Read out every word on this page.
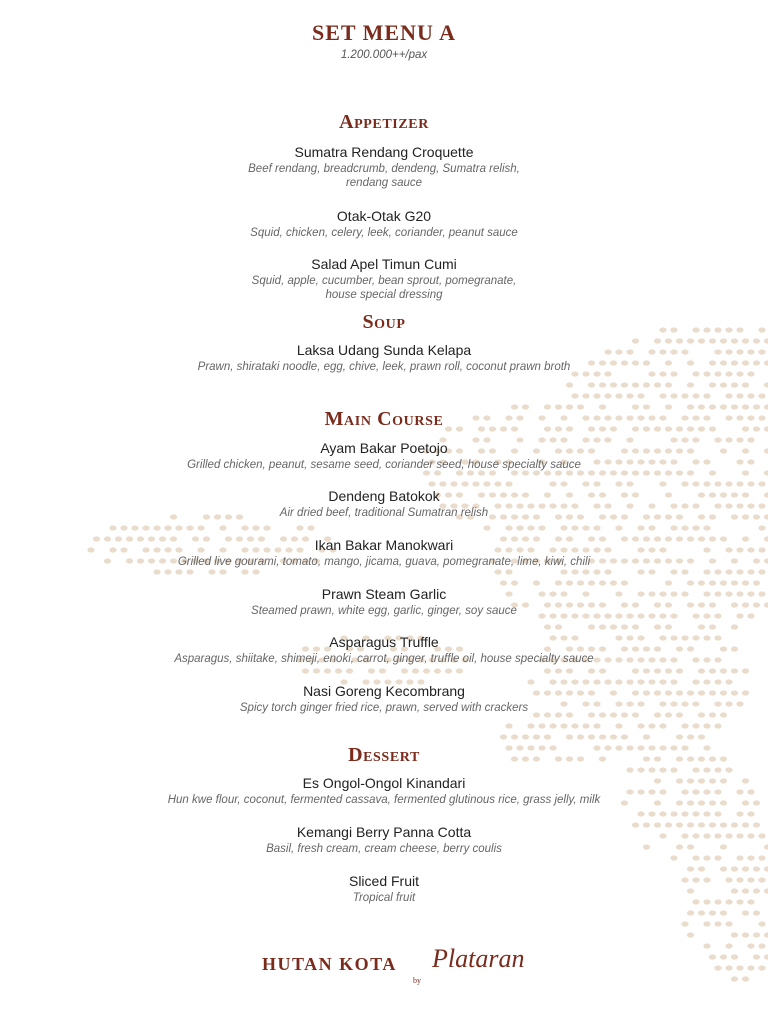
SET MENU A
1.200.000++/pax
Appetizer
Sumatra Rendang Croquette
Beef rendang, breadcrumb, dendeng, Sumatra relish,
rendang sauce
Otak-Otak G20
Squid, chicken, celery, leek, coriander, peanut sauce
Salad Apel Timun Cumi
Squid, apple, cucumber, bean sprout, pomegranate,
house special dressing
Soup
Laksa Udang Sunda Kelapa
Prawn, shirataki noodle, egg, chive, leek, prawn roll, coconut prawn broth
Main Course
Ayam Bakar Poetojo
Grilled chicken, peanut, sesame seed, coriander seed, house specialty sauce
Dendeng Batokok
Air dried beef, traditional Sumatran relish
Ikan Bakar Manokwari
Grilled live gourami, tomato, mango, jicama, guava, pomegranate, lime, kiwi, chili
Prawn Steam Garlic
Steamed prawn, white egg, garlic, ginger, soy sauce
Asparagus Truffle
Asparagus, shiitake, shimeji, enoki, carrot, ginger, truffle oil, house specialty sauce
Nasi Goreng Kecombrang
Spicy torch ginger fried rice, prawn, served with crackers
Dessert
Es Ongol-Ongol Kinandari
Hun kwe flour, coconut, fermented cassava, fermented glutinous rice, grass jelly, milk
Kemangi Berry Panna Cotta
Basil, fresh cream, cream cheese, berry coulis
Sliced Fruit
Tropical fruit
HUTAN KOTA
by
Plataran
